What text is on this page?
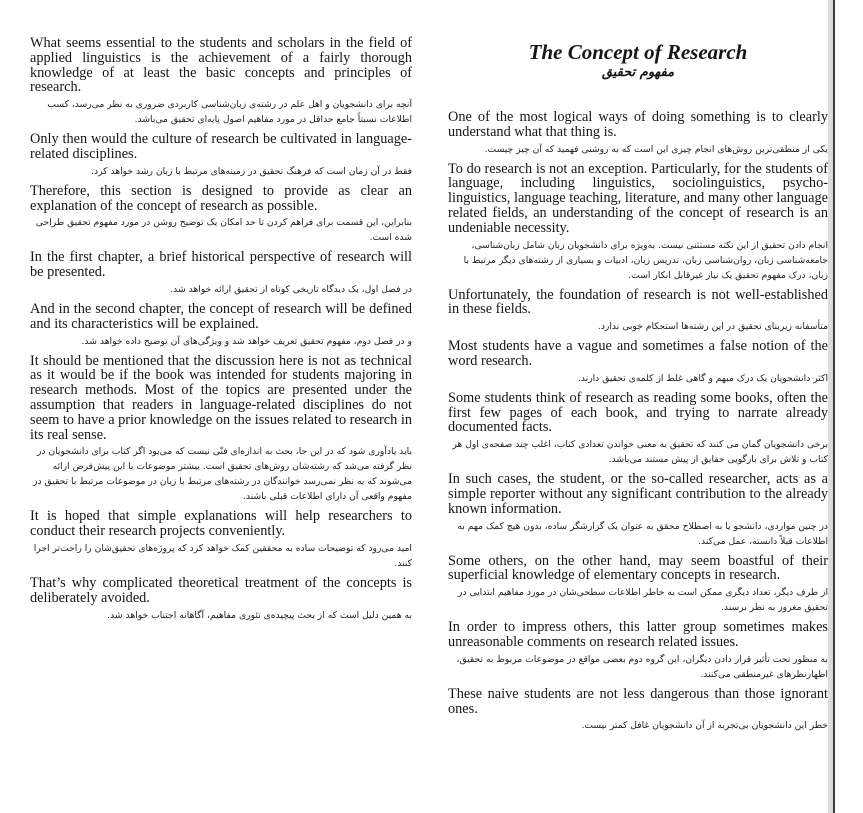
What seems essential to the students and scholars in the field of applied linguistics is the achievement of a fairly thorough knowledge of at least the basic concepts and principles of research.

آنچه برای دانشجویان و اهل علم در رشته‌ی زبان‌شناسی کاربردی ضروری به نظر می‌رسد، کسب اطلاعات نسبتاً جامع حداقل در مورد مفاهیم اصول پایه‌ای تحقیق می‌باشد.

Only then would the culture of research be cultivated in language-related disciplines.

فقط در آن زمان است که فرهنگ تحقیق در زمینه‌های مرتبط با زبان رشد خواهد کرد.

Therefore, this section is designed to provide as clear an explanation of the concept of research as possible.

بنابراین، این قسمت برای فراهم کردن تا حد امکان یک توضیح روشن در مورد مفهوم تحقیق طراحی شده است.

In the first chapter, a brief historical perspective of research will be presented.

در فصل اول، یک دیدگاه تاریخی کوتاه از تحقیق ارائه خواهد شد.

And in the second chapter, the concept of research will be defined and its characteristics will be explained.

و در فصل دوم، مفهوم تحقیق تعریف خواهد شد و ویژگی‌های آن توضیح داده خواهد شد.

It should be mentioned that the discussion here is not as technical as it would be if the book was intended for students majoring in research methods. Most of the topics are presented under the assumption that readers in language-related disciplines do not seem to have a prior knowledge on the issues related to research in its real sense.

باید یادآوری شود که در این جا، بحث به اندازه‌ای فنّی نیست که می‌بود اگر کتاب برای دانشجویان در نظر گرفته می‌شد که رشته‌شان روش‌های تحقیق است. بیشتر موضوعات با این پیش‌فرض ارائه می‌شوند که به نظر نمی‌رسد خوانندگان در رشته‌های مرتبط با زبان در موضوعات مرتبط با تحقیق در مفهوم واقعی آن دارای اطلاعات قبلی باشند.

It is hoped that simple explanations will help researchers to conduct their research projects conveniently.

امید می‌رود که توضیحات ساده به محققین کمک خواهد کرد که پروژه‌های تحقیق‌شان را راحت‌تر اجرا کنند.

That’s why complicated theoretical treatment of the concepts is deliberately avoided.

به همین دلیل است که از بحث پیچیده‌ی تئوری مفاهیم، آگاهانه اجتناب خواهد شد.

The Concept of Research
مفهوم تحقیق

One of the most logical ways of doing something is to clearly understand what that thing is.

یکی از منطقی‌ترین روش‌های انجام چیزی این است که به روشنی فهمید که آن چیز چیست.

To do research is not an exception. Particularly, for the students of language, including linguistics, sociolinguistics, psycho-linguistics, language teaching, literature, and many other language related fields, an understanding of the concept of research is an undeniable necessity.

انجام دادن تحقیق از این نکته مستثنی نیست. به‌ویژه برای دانشجویان زبان شامل زبان‌شناسی، جامعه‌شناسی زبان، روان‌شناسی زبان، تدریس زبان، ادبیات و بسیاری از رشته‌های دیگر مرتبط با زبان، درک مفهوم تحقیق یک نیاز غیرقابل انکار است.

Unfortunately, the foundation of research is not well-established in these fields.

متأسفانه زیربنای تحقیق در این رشته‌ها استحکام خوبی ندارد.

Most students have a vague and sometimes a false notion of the word research.

اکثر دانشجویان یک درک مبهم و گاهی غلط از کلمه‌ی تحقیق دارند.

Some students think of research as reading some books, often the first few pages of each book, and trying to narrate already documented facts.

برخی دانشجویان گمان می کنند که تحقیق به معنی خواندن تعدادی کتاب، اغلب چند صفحه‌ی اول هر کتاب و تلاش برای بازگویی حقایق از پیش مستند می‌باشد.

In such cases, the student, or the so-called researcher, acts as a simple reporter without any significant contribution to the already known information.

در چنین مواردی، دانشجو یا به اصطلاح محقق به عنوان یک گزارشگر ساده، بدون هیچ کمک مهم به اطلاعات قبلاً دانسته، عمل می‌کند.

Some others, on the other hand, may seem boastful of their superficial knowledge of elementary concepts in research.

از طرف دیگر، تعداد دیگری ممکن است به خاطر اطلاعات سطحی‌شان در مورد مفاهیم ابتدایی در تحقیق مغرور به نظر برسند.

In order to impress others, this latter group sometimes makes unreasonable comments on research related issues.

به منظور تحت تأثیر قرار دادن دیگران، این گروه دوم بعضی مواقع در موضوعات مربوط به تحقیق، اظهارنظرهای غیرمنطقی می‌کنند.

These naive students are not less dangerous than those ignorant ones.

خطر این دانشجویان بی‌تجربه از آن دانشجویان غافل کمتر نیست.
